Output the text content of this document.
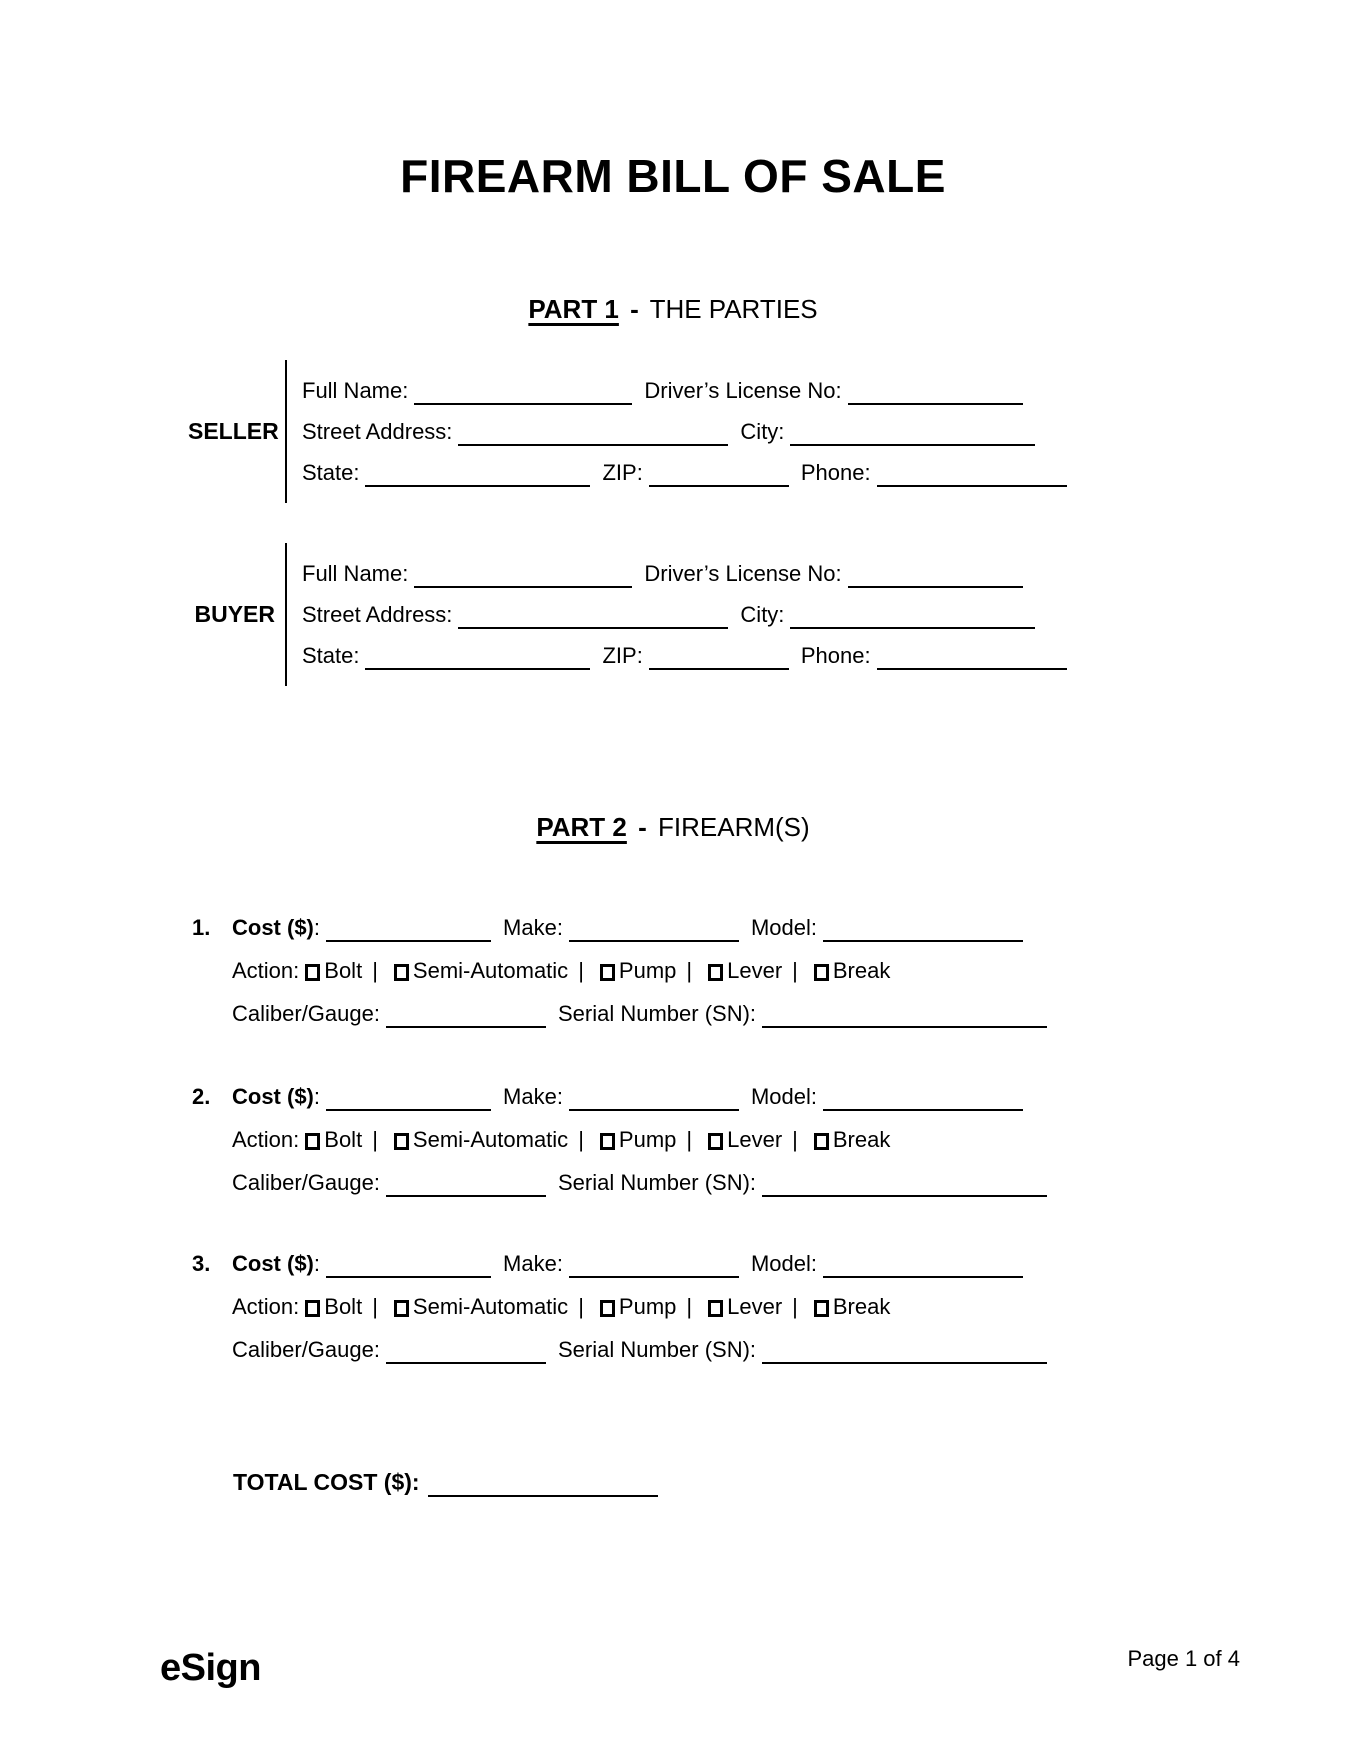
FIREARM BILL OF SALE
PART 1 - THE PARTIES
SELLER
Full Name:	Driver’s License No:
Street Address:	City:
State:	ZIP:	Phone:
BUYER
Full Name:	Driver’s License No:
Street Address:	City:
State:	ZIP:	Phone:
PART 2 - FIREARM(S)
1. Cost ($):	Make:	Model:
Action: Bolt | Semi-Automatic | Pump | Lever | Break
Caliber/Gauge:	Serial Number (SN):
2. Cost ($):	Make:	Model:
Action: Bolt | Semi-Automatic | Pump | Lever | Break
Caliber/Gauge:	Serial Number (SN):
3. Cost ($):	Make:	Model:
Action: Bolt | Semi-Automatic | Pump | Lever | Break
Caliber/Gauge:	Serial Number (SN):
TOTAL COST ($):
eSign	Page 1 of 4
